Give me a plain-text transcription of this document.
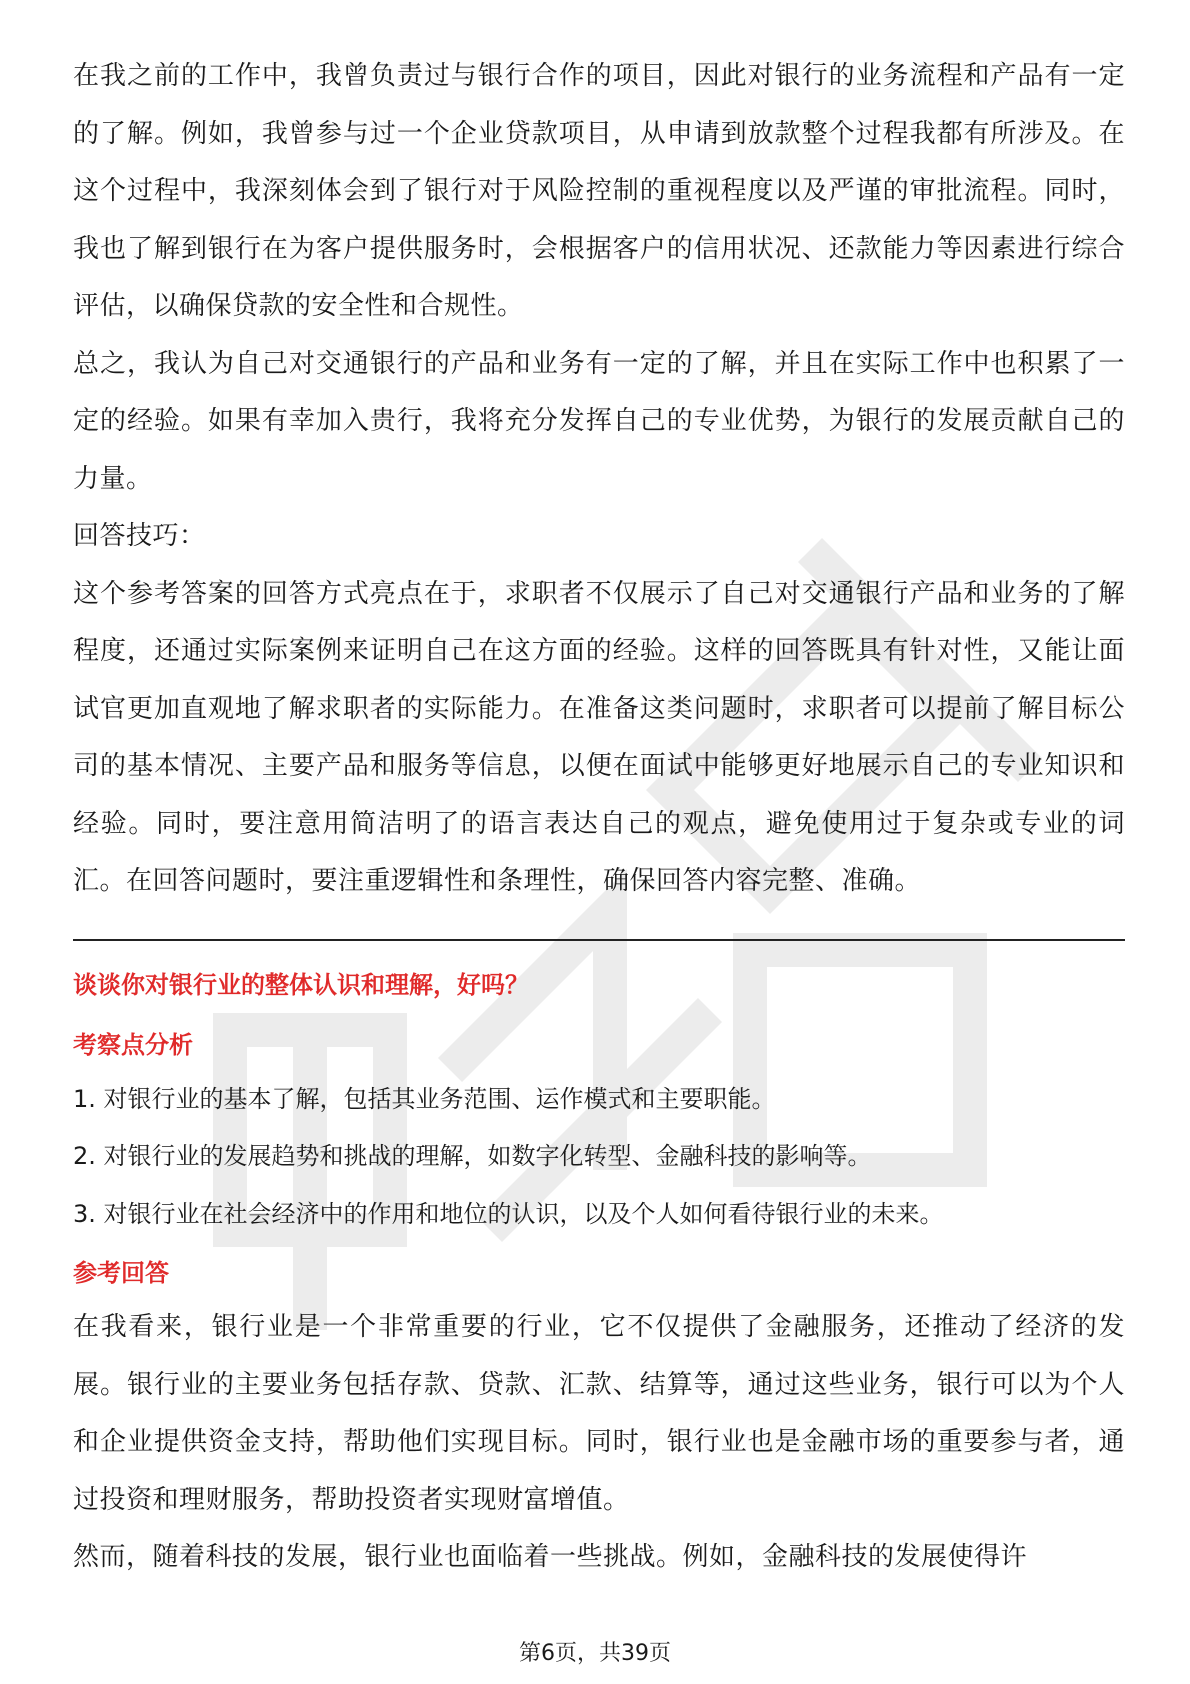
在我之前的工作中，我曾负责过与银行合作的项目，因此对银行的业务流程和产品有一定的了解。例如，我曾参与过一个企业贷款项目，从申请到放款整个过程我都有所涉及。在这个过程中，我深刻体会到了银行对于风险控制的重视程度以及严谨的审批流程。同时，我也了解到银行在为客户提供服务时，会根据客户的信用状况、还款能力等因素进行综合评估，以确保贷款的安全性和合规性。

总之，我认为自己对交通银行的产品和业务有一定的了解，并且在实际工作中也积累了一定的经验。如果有幸加入贵行，我将充分发挥自己的专业优势，为银行的发展贡献自己的力量。

回答技巧：

这个参考答案的回答方式亮点在于，求职者不仅展示了自己对交通银行产品和业务的了解程度，还通过实际案例来证明自己在这方面的经验。这样的回答既具有针对性，又能让面试官更加直观地了解求职者的实际能力。在准备这类问题时，求职者可以提前了解目标公司的基本情况、主要产品和服务等信息，以便在面试中能够更好地展示自己的专业知识和经验。同时，要注意用简洁明了的语言表达自己的观点，避免使用过于复杂或专业的词汇。在回答问题时，要注重逻辑性和条理性，确保回答内容完整、准确。

谈谈你对银行业的整体认识和理解，好吗？

考察点分析

1. 对银行业的基本了解，包括其业务范围、运作模式和主要职能。

2. 对银行业的发展趋势和挑战的理解，如数字化转型、金融科技的影响等。

3. 对银行业在社会经济中的作用和地位的认识，以及个人如何看待银行业的未来。

参考回答

在我看来，银行业是一个非常重要的行业，它不仅提供了金融服务，还推动了经济的发展。银行业的主要业务包括存款、贷款、汇款、结算等，通过这些业务，银行可以为个人和企业提供资金支持，帮助他们实现目标。同时，银行业也是金融市场的重要参与者，通过投资和理财服务，帮助投资者实现财富增值。

然而，随着科技的发展，银行业也面临着一些挑战。例如，金融科技的发展使得许

第6页，共39页
